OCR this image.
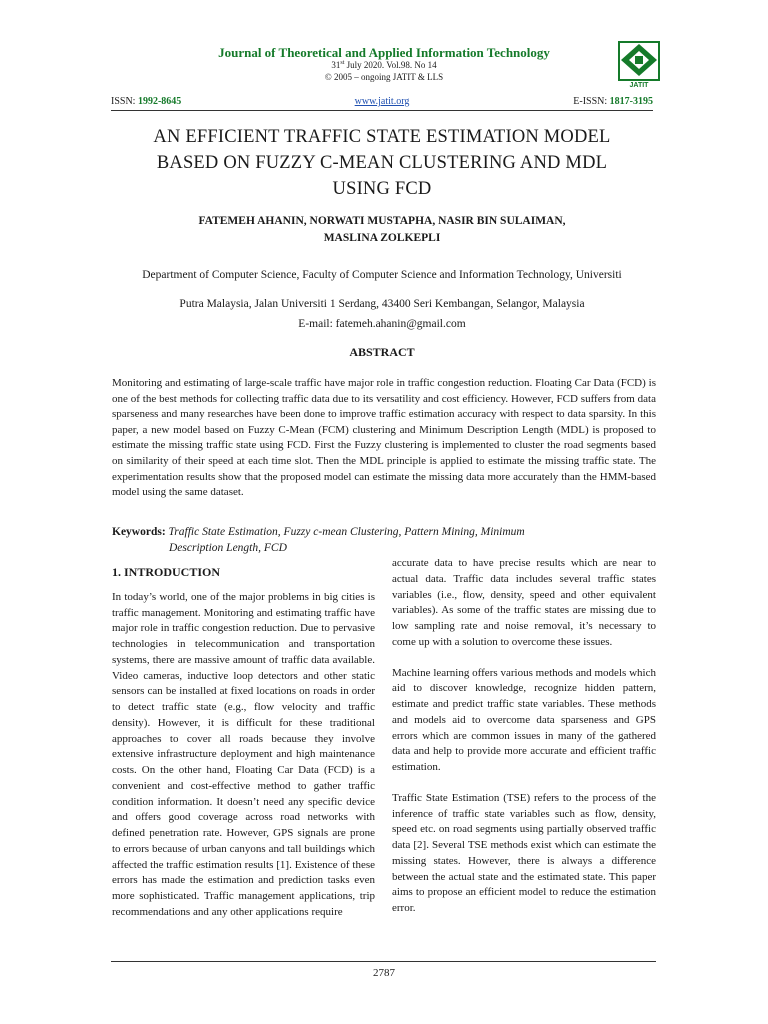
Journal of Theoretical and Applied Information Technology
31st July 2020. Vol.98. No 14
© 2005 – ongoing JATIT & LLS
JATIT
ISSN: 1992-8645	www.jatit.org	E-ISSN: 1817-3195
AN EFFICIENT TRAFFIC STATE ESTIMATION MODEL
BASED ON FUZZY C-MEAN CLUSTERING AND MDL
USING FCD
FATEMEH AHANIN, NORWATI MUSTAPHA, NASIR BIN SULAIMAN,
MASLINA ZOLKEPLI
Department of Computer Science, Faculty of Computer Science and Information Technology, Universiti
Putra Malaysia, Jalan Universiti 1 Serdang, 43400 Seri Kembangan, Selangor, Malaysia
E-mail: fatemeh.ahanin@gmail.com
ABSTRACT
Monitoring and estimating of large-scale traffic have major role in traffic congestion reduction. Floating Car Data (FCD) is one of the best methods for collecting traffic data due to its versatility and cost efficiency. However, FCD suffers from data sparseness and many researches have been done to improve traffic estimation accuracy with respect to data sparsity. In this paper, a new model based on Fuzzy C-Mean (FCM) clustering and Minimum Description Length (MDL) is proposed to estimate the missing traffic state using FCD. First the Fuzzy clustering is implemented to cluster the road segments based on similarity of their speed at each time slot. Then the MDL principle is applied to estimate the missing traffic state. The experimentation results show that the proposed model can estimate the missing data more accurately than the HMM-based model using the same dataset.
Keywords: Traffic State Estimation, Fuzzy c-mean Clustering, Pattern Mining, Minimum
Description Length, FCD

1. INTRODUCTION

In today’s world, one of the major problems in big cities is traffic management. Monitoring and estimating traffic have major role in traffic congestion reduction. Due to pervasive technologies in telecommunication and transportation systems, there are massive amount of traffic data available. Video cameras, inductive loop detectors and other static sensors can be installed at fixed locations on roads in order to detect traffic state (e.g., flow velocity and traffic density). However, it is difficult for these traditional approaches to cover all roads because they involve extensive infrastructure deployment and high maintenance costs. On the other hand, Floating Car Data (FCD) is a convenient and cost-effective method to gather traffic condition information. It doesn’t need any specific device and offers good coverage across road networks with defined penetration rate. However, GPS signals are prone to errors because of urban canyons and tall buildings which affected the traffic estimation results [1]. Existence of these errors has made the estimation and prediction tasks even more sophisticated. Traffic management applications, trip recommendations and any other applications require

accurate data to have precise results which are near to actual data. Traffic data includes several traffic states variables (i.e., flow, density, speed and other equivalent variables). As some of the traffic states are missing due to low sampling rate and noise removal, it’s necessary to come up with a solution to overcome these issues.

Machine learning offers various methods and models which aid to discover knowledge, recognize hidden pattern, estimate and predict traffic state variables. These methods and models aid to overcome data sparseness and GPS errors which are common issues in many of the gathered data and help to provide more accurate and efficient traffic estimation.

Traffic State Estimation (TSE) refers to the process of the inference of traffic state variables such as flow, density, speed etc. on road segments using partially observed traffic data [2]. Several TSE methods exist which can estimate the missing states. However, there is always a difference between the actual state and the estimated state. This paper aims to propose an efficient model to reduce the estimation error.

2787
